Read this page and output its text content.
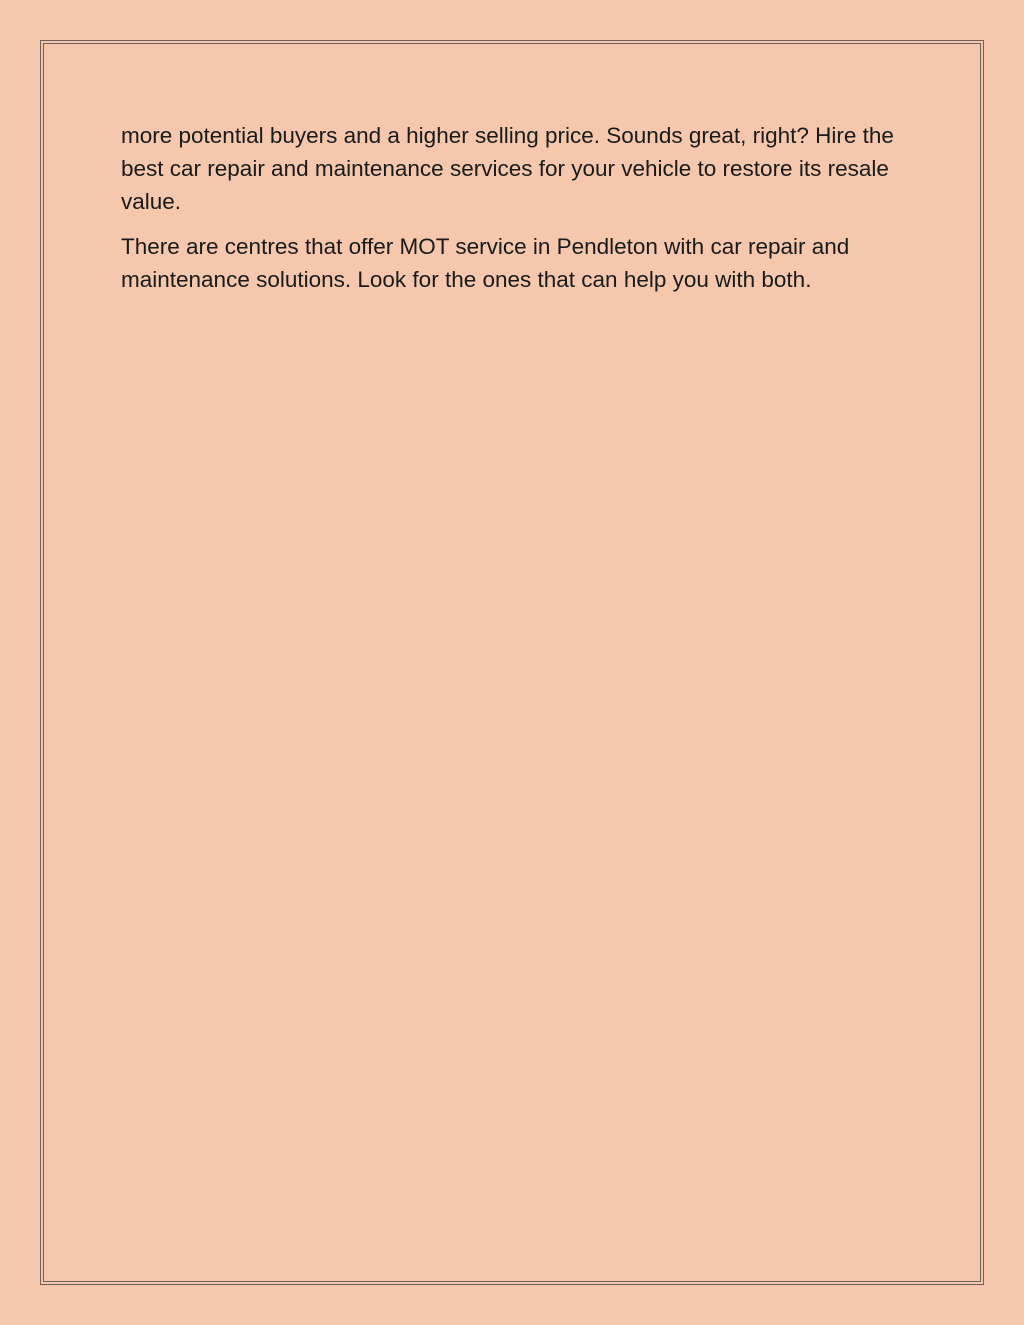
more potential buyers and a higher selling price. Sounds great, right? Hire the best car repair and maintenance services for your vehicle to restore its resale value.

There are centres that offer MOT service in Pendleton with car repair and maintenance solutions. Look for the ones that can help you with both.
